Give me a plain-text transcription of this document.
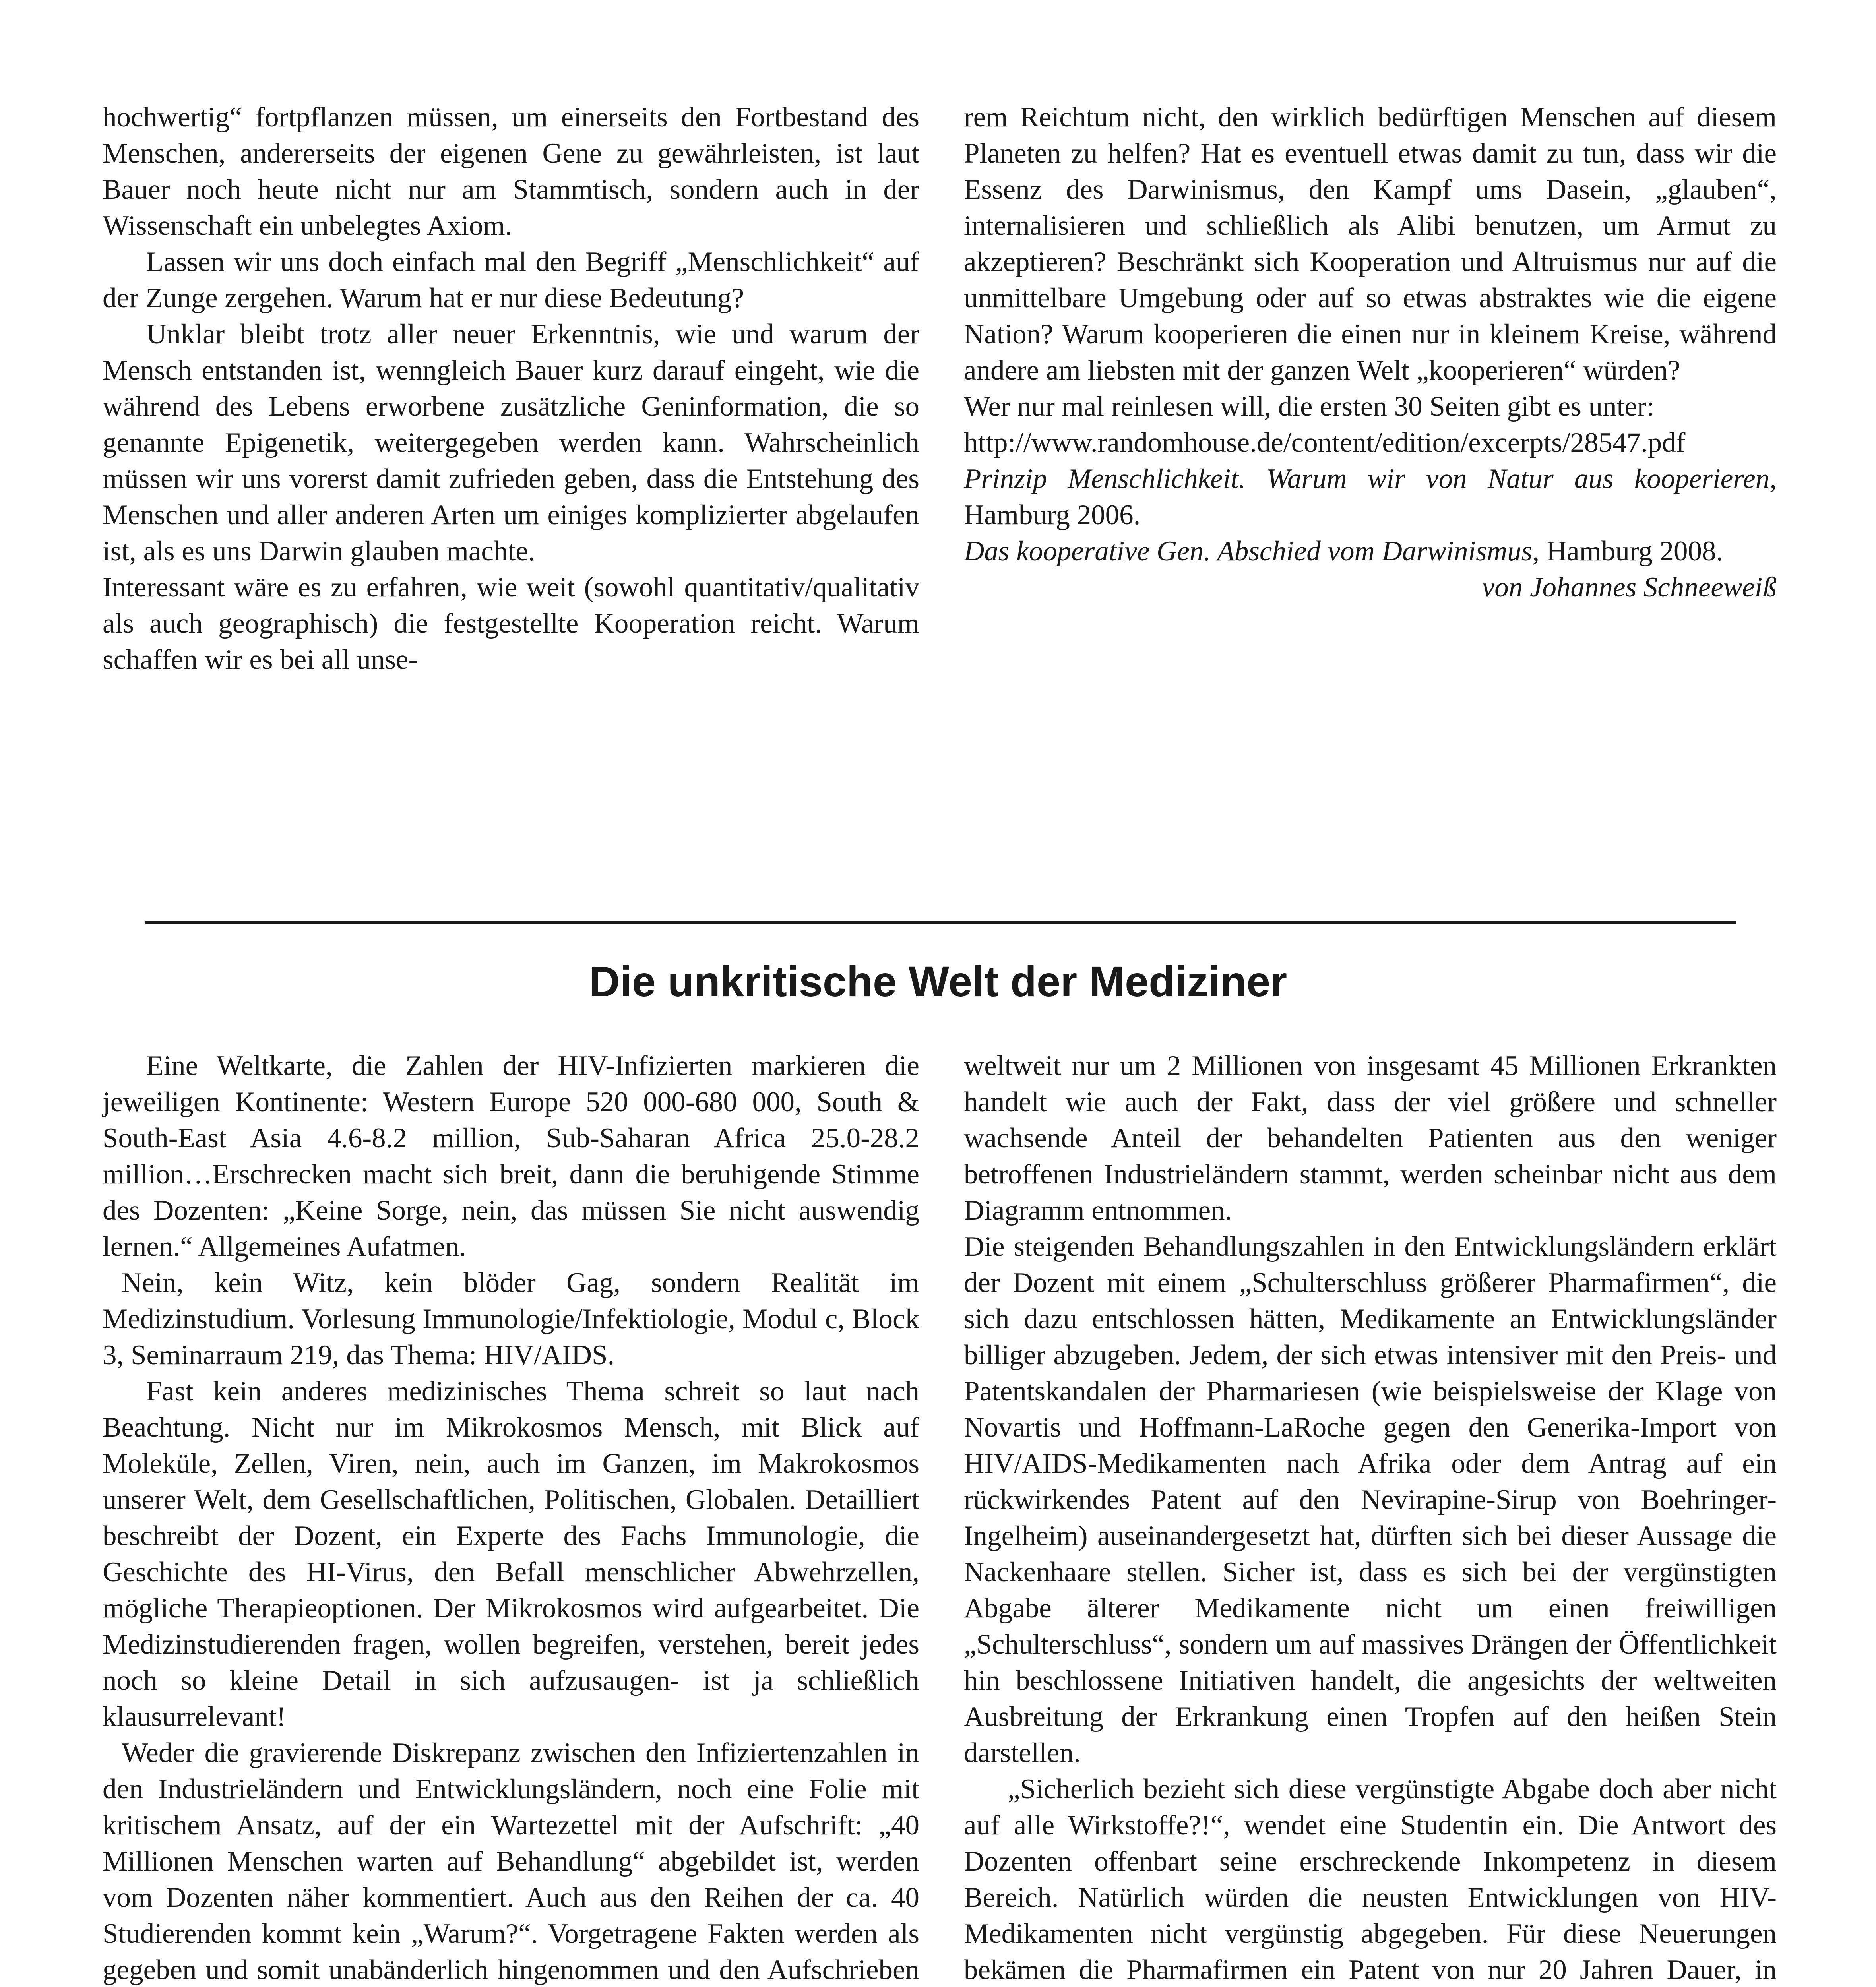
hochwertig“ fortpflanzen müssen, um einerseits den Fortbestand des Menschen, andererseits der eigenen Gene zu gewährleisten, ist laut Bauer noch heute nicht nur am Stammtisch, sondern auch in der Wissenschaft ein unbelegtes Axiom.

Lassen wir uns doch einfach mal den Begriff „Menschlichkeit“ auf der Zunge zergehen. Warum hat er nur diese Bedeutung?

Unklar bleibt trotz aller neuer Erkenntnis, wie und warum der Mensch entstanden ist, wenngleich Bauer kurz darauf eingeht, wie die während des Lebens erworbene zusätzliche Geninformation, die so genannte Epigenetik, weitergegeben werden kann. Wahrscheinlich müssen wir uns vorerst damit zufrieden geben, dass die Entstehung des Menschen und aller anderen Arten um einiges komplizierter abgelaufen ist, als es uns Darwin glauben machte.

Interessant wäre es zu erfahren, wie weit (sowohl quantitativ/qualitativ als auch geographisch) die festgestellte Kooperation reicht. Warum schaffen wir es bei all unse-

rem Reichtum nicht, den wirklich bedürftigen Menschen auf diesem Planeten zu helfen? Hat es eventuell etwas damit zu tun, dass wir die Essenz des Darwinismus, den Kampf ums Dasein, „glauben“, internalisieren und schließlich als Alibi benutzen, um Armut zu akzeptieren? Beschränkt sich Kooperation und Altruismus nur auf die unmittelbare Umgebung oder auf so etwas abstraktes wie die eigene Nation? Warum kooperieren die einen nur in kleinem Kreise, während andere am liebsten mit der ganzen Welt „kooperieren“ würden?

Wer nur mal reinlesen will, die ersten 30 Seiten gibt es unter:

http://www.randomhouse.de/content/edition/excerpts/28547.pdf

Prinzip Menschlichkeit. Warum wir von Natur aus kooperieren, Hamburg 2006.

Das kooperative Gen. Abschied vom Darwinismus, Hamburg 2008.

von Johannes Schneeweiß

Die unkritische Welt der Mediziner

Eine Weltkarte, die Zahlen der HIV-Infizierten markieren die jeweiligen Kontinente: Western Europe 520 000-680 000, South & South-East Asia 4.6-8.2 million, Sub-Saharan Africa 25.0-28.2 million…Erschrecken macht sich breit, dann die beruhigende Stimme des Dozenten: „Keine Sorge, nein, das müssen Sie nicht auswendig lernen.“ Allgemeines Aufatmen.

Nein, kein Witz, kein blöder Gag, sondern Realität im Medizinstudium. Vorlesung Immunologie/Infektiologie, Modul c, Block 3, Seminarraum 219, das Thema: HIV/AIDS.

Fast kein anderes medizinisches Thema schreit so laut nach Beachtung. Nicht nur im Mikrokosmos Mensch, mit Blick auf Moleküle, Zellen, Viren, nein, auch im Ganzen, im Makrokosmos unserer Welt, dem Gesellschaftlichen, Politischen, Globalen. Detailliert beschreibt der Dozent, ein Experte des Fachs Immunologie, die Geschichte des HI-Virus, den Befall menschlicher Abwehrzellen, mögliche Therapieoptionen. Der Mikrokosmos wird aufgearbeitet. Die Medizinstudierenden fragen, wollen begreifen, verstehen, bereit jedes noch so kleine Detail in sich aufzusaugen- ist ja schließlich klausurrelevant!

Weder die gravierende Diskrepanz zwischen den Infiziertenzahlen in den Industrieländern und Entwicklungsländern, noch eine Folie mit kritischem Ansatz, auf der ein Wartezettel mit der Aufschrift: „40 Millionen Menschen warten auf Behandlung“ abgebildet ist, werden vom Dozenten näher kommentiert. Auch aus den Reihen der ca. 40 Studierenden kommt kein „Warum?“. Vorgetragene Fakten werden als gegeben und somit unabänderlich hingenommen und den Aufschrieben

weltweit nur um 2 Millionen von insgesamt 45 Millionen Erkrankten handelt wie auch der Fakt, dass der viel größere und schneller wachsende Anteil der behandelten Patienten aus den weniger betroffenen Industrieländern stammt, werden scheinbar nicht aus dem Diagramm entnommen.

Die steigenden Behandlungszahlen in den Entwicklungsländern erklärt der Dozent mit einem „Schulterschluss größerer Pharmafirmen“, die sich dazu entschlossen hätten, Medikamente an Entwicklungsländer billiger abzugeben. Jedem, der sich etwas intensiver mit den Preis- und Patentskandalen der Pharmariesen (wie beispielsweise der Klage von Novartis und Hoffmann-LaRoche gegen den Generika-Import von HIV/AIDS-Medikamenten nach Afrika oder dem Antrag auf ein rückwirkendes Patent auf den Nevirapine-Sirup von Boehringer-Ingelheim) auseinandergesetzt hat, dürften sich bei dieser Aussage die Nackenhaare stellen. Sicher ist, dass es sich bei der vergünstigten Abgabe älterer Medikamente nicht um einen freiwilligen „Schulterschluss“, sondern um auf massives Drängen der Öffentlichkeit hin beschlossene Initiativen handelt, die angesichts der weltweiten Ausbreitung der Erkrankung einen Tropfen auf den heißen Stein darstellen.

„Sicherlich bezieht sich diese vergünstigte Abgabe doch aber nicht auf alle Wirkstoffe?!“, wendet eine Studentin ein. Die Antwort des Dozenten offenbart seine erschreckende Inkompetenz in diesem Bereich. Natürlich würden die neusten Entwicklungen von HIV-Medikamenten nicht vergünstig abgegeben. Für diese Neuerungen bekämen die Pharmafirmen ein Patent von nur 20 Jahren Dauer, in
